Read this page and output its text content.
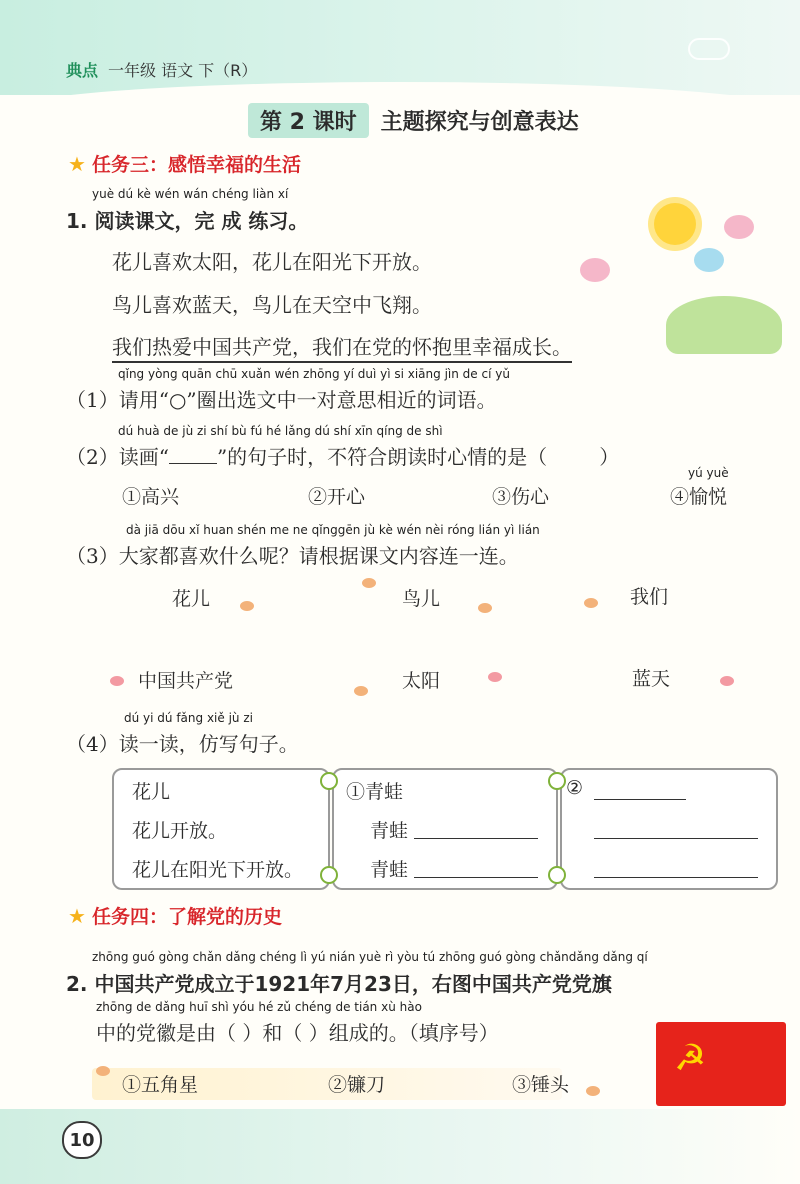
典点 一年级 语文 下（R）
第 2 课时	主题探究与创意表达
★ 任务三：感悟幸福的生活
yuè dú kè wén wán chéng liàn xí
1. 阅读课文，完 成 练习。
花儿喜欢太阳，花儿在阳光下开放。
鸟儿喜欢蓝天，鸟儿在天空中飞翔。
我们热爱中国共产党，我们在党的怀抱里幸福成长。
qǐng yòng quān chū xuǎn wén zhōng yí duì yì si xiāng jìn de cí yǔ
（1）请用“○”圈出选文中一对意思相近的词语。
dú huà de jù zi shí bù fú hé lǎng dú shí xīn qíng de shì
（2）读画“ ”的句子时，不符合朗读时心情的是（	）
yú yuè
①高兴	②开心	③伤心	④愉悦
dà jiā dōu xǐ huan shén me ne qǐnggēn jù kè wén nèi róng lián yì lián
（3）大家都喜欢什么呢？请根据课文内容连一连。
花儿	鸟儿	我们
中国共产党	太阳	蓝天
dú yi dú fǎng xiě jù zi
（4）读一读，仿写句子。
花儿
花儿开放。
花儿在阳光下开放。
①青蛙
青蛙
青蛙
②
★ 任务四：了解党的历史
zhōng guó gòng chǎn dǎng chéng lì yú nián yuè rì yòu tú zhōng guó gòng chǎndǎng dǎng qí
2. 中国共产党成立于1921年7月23日，右图中国共产党党旗
zhōng de dǎng huī shì yóu hé zǔ chéng de tián xù hào
中的党徽是由（ ）和（ ）组成的。（填序号）
①五角星	②镰刀	③锤头
☭
10
